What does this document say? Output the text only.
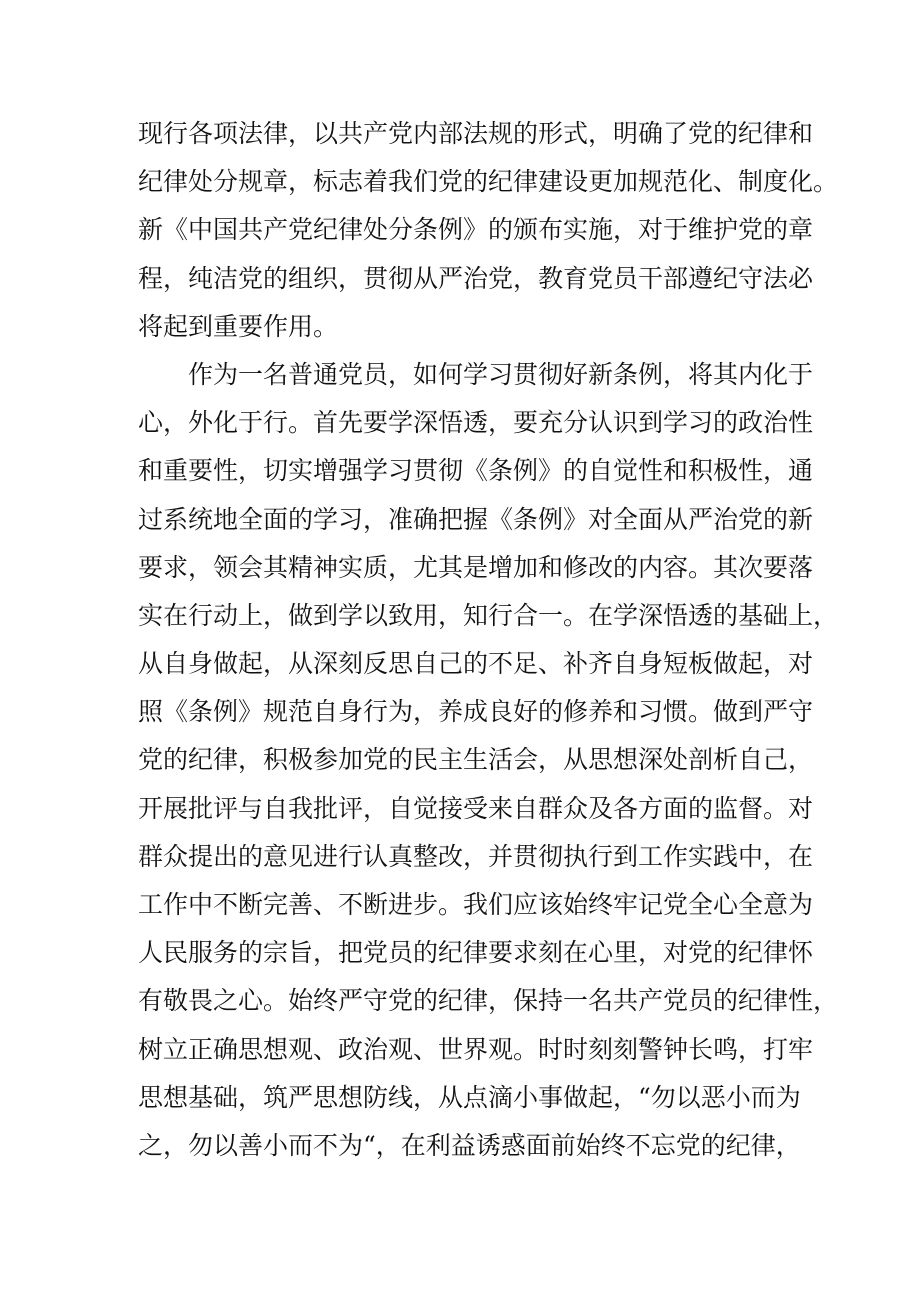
现行各项法律，以共产党内部法规的形式，明确了党的纪律和
纪律处分规章，标志着我们党的纪律建设更加规范化、制度化。
新《中国共产党纪律处分条例》的颁布实施，对于维护党的章
程，纯洁党的组织，贯彻从严治党，教育党员干部遵纪守法必
将起到重要作用。
作为一名普通党员，如何学习贯彻好新条例，将其内化于
心，外化于行。首先要学深悟透，要充分认识到学习的政治性
和重要性，切实增强学习贯彻《条例》的自觉性和积极性，通
过系统地全面的学习，准确把握《条例》对全面从严治党的新
要求，领会其精神实质，尤其是增加和修改的内容。其次要落
实在行动上，做到学以致用，知行合一。在学深悟透的基础上，
从自身做起，从深刻反思自己的不足、补齐自身短板做起，对
照《条例》规范自身行为，养成良好的修养和习惯。做到严守
党的纪律，积极参加党的民主生活会，从思想深处剖析自己，
开展批评与自我批评，自觉接受来自群众及各方面的监督。对
群众提出的意见进行认真整改，并贯彻执行到工作实践中，在
工作中不断完善、不断进步。我们应该始终牢记党全心全意为
人民服务的宗旨，把党员的纪律要求刻在心里，对党的纪律怀
有敬畏之心。始终严守党的纪律，保持一名共产党员的纪律性，
树立正确思想观、政治观、世界观。时时刻刻警钟长鸣，打牢
思想基础，筑严思想防线，从点滴小事做起，“勿以恶小而为
之，勿以善小而不为“，在利益诱惑面前始终不忘党的纪律，
